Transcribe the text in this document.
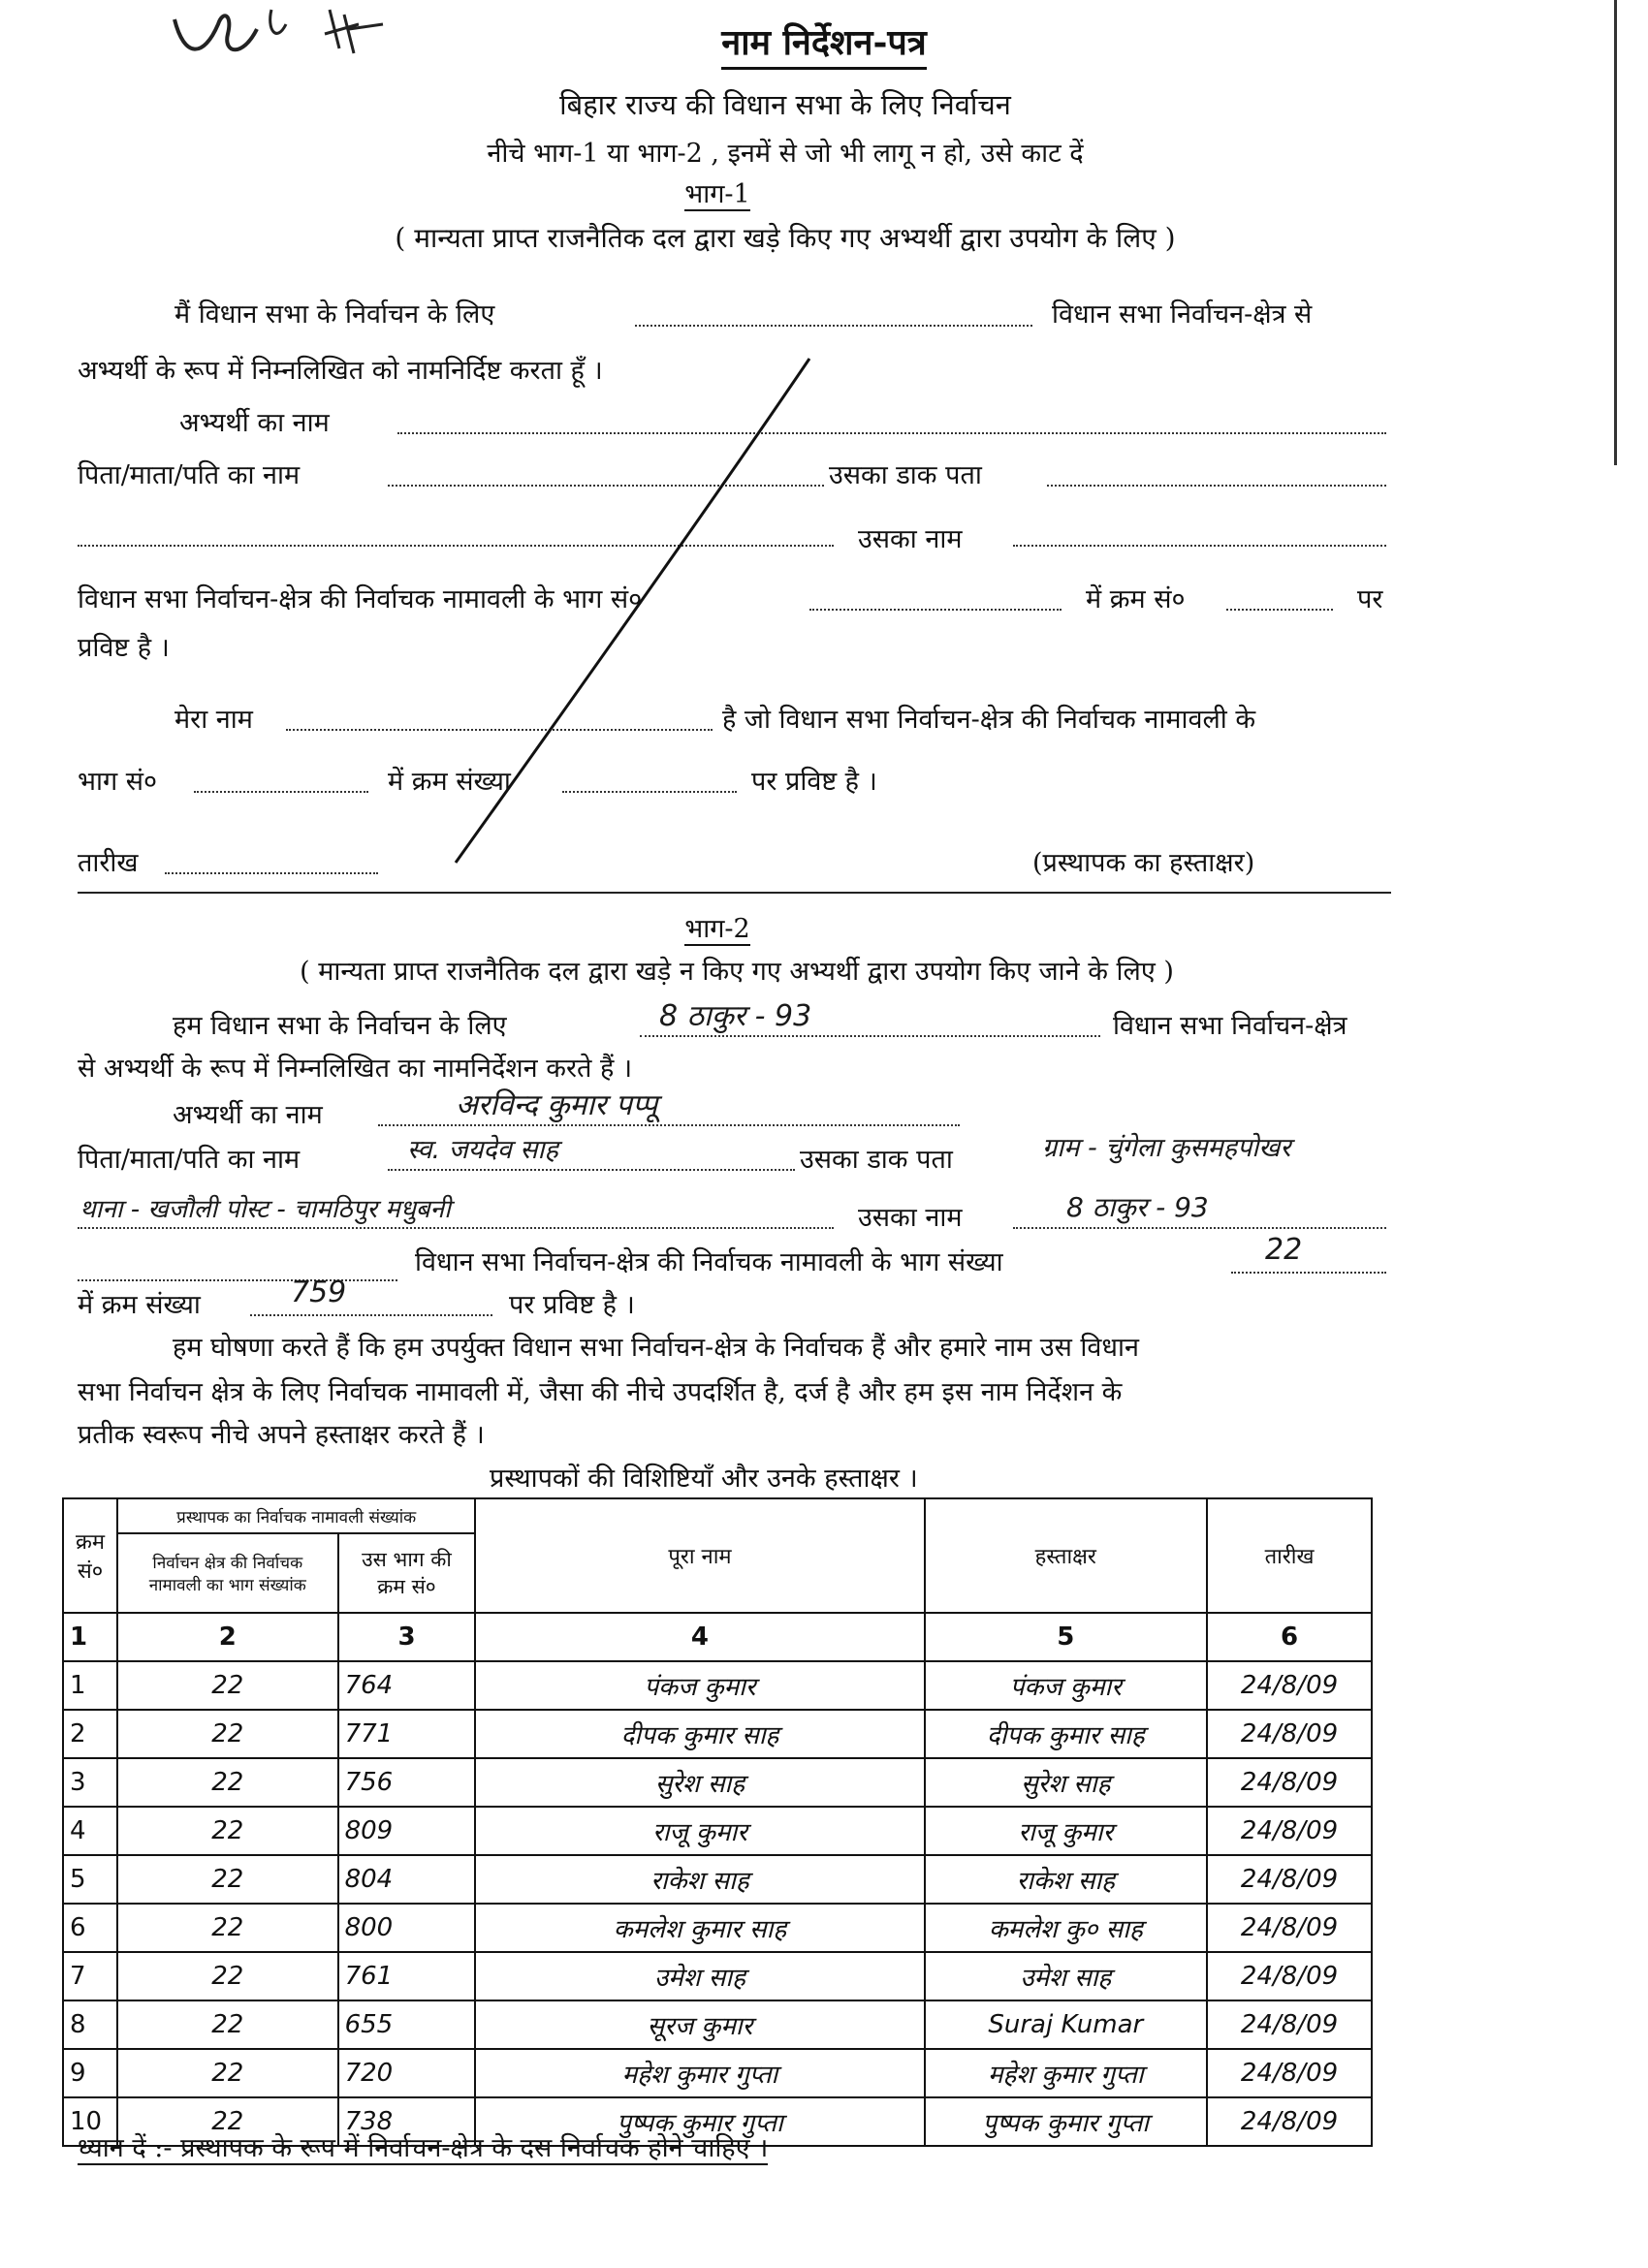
नाम निर्देशन-पत्र
बिहार राज्य की विधान सभा के लिए निर्वाचन
नीचे भाग-1 या भाग-2 , इनमें से जो भी लागू न हो, उसे काट दें
भाग-1
( मान्यता प्राप्त राजनैतिक दल द्वारा खड़े किए गए अभ्यर्थी द्वारा उपयोग के लिए )
मैं विधान सभा के निर्वाचन के लिए	विधान सभा निर्वाचन-क्षेत्र से
अभ्यर्थी के रूप में निम्नलिखित को नामनिर्दिष्ट करता हूँ ।
अभ्यर्थी का नाम
पिता/माता/पति का नाम	उसका डाक पता
उसका नाम
विधान सभा निर्वाचन-क्षेत्र की निर्वाचक नामावली के भाग सं०	में क्रम सं०	पर
प्रविष्ट है ।
मेरा नाम	है जो विधान सभा निर्वाचन-क्षेत्र की निर्वाचक नामावली के
भाग सं०	में क्रम संख्या	पर प्रविष्ट है ।
तारीख	(प्रस्थापक का हस्ताक्षर)
भाग-2
( मान्यता प्राप्त राजनैतिक दल द्वारा खड़े न किए गए अभ्यर्थी द्वारा उपयोग किए जाने के लिए )
हम विधान सभा के निर्वाचन के लिए	8 ठाकुर - 93	विधान सभा निर्वाचन-क्षेत्र
से अभ्यर्थी के रूप में निम्नलिखित का नामनिर्देशन करते हैं ।
अभ्यर्थी का नाम	अरविन्द कुमार पप्पू
पिता/माता/पति का नाम	स्व. जयदेव साह	उसका डाक पता	ग्राम - चुंगेला कुसमहपोखर
थाना - खजौली पोस्ट - चामठिपुर मधुबनी	उसका नाम	8 ठाकुर - 93
विधान सभा निर्वाचन-क्षेत्र की निर्वाचक नामावली के भाग संख्या	22
में क्रम संख्या	759	पर प्रविष्ट है ।
हम घोषणा करते हैं कि हम उपर्युक्त विधान सभा निर्वाचन-क्षेत्र के निर्वाचक हैं और हमारे नाम उस विधान
सभा निर्वाचन क्षेत्र के लिए निर्वाचक नामावली में, जैसा की नीचे उपदर्शित है, दर्ज है और हम इस नाम निर्देशन के
प्रतीक स्वरूप नीचे अपने हस्ताक्षर करते हैं ।
प्रस्थापकों की विशिष्टियाँ और उनके हस्ताक्षर ।
क्रम सं०	प्रस्थापक का निर्वाचक नामावली संख्यांक		पूरा नाम	हस्ताक्षर	तारीख
	निर्वाचन क्षेत्र की निर्वाचक नामावली का भाग संख्यांक	उस भाग की क्रम सं०			
1	2	3	4	5	6
1	22	764	पंकज कुमार	पंकज कुमार	24/8/09
2	22	771	दीपक कुमार साह	दीपक कुमार साह	24/8/09
3	22	756	सुरेश साह	सुरेश साह	24/8/09
4	22	809	राजू कुमार	राजू कुमार	24/8/09
5	22	804	राकेश साह	राकेश साह	24/8/09
6	22	800	कमलेश कुमार साह	कमलेश कु० साह	24/8/09
7	22	761	उमेश साह	उमेश साह	24/8/09
8	22	655	सूरज कुमार	Suraj Kumar	24/8/09
9	22	720	महेश कुमार गुप्ता	महेश कुमार गुप्ता	24/8/09
10	22	738	पुष्पक कुमार गुप्ता	पुष्पक कुमार गुप्ता	24/8/09
ध्यान दें :- प्रस्थापक के रूप में निर्वाचन-क्षेत्र के दस निर्वाचक होने चाहिए ।
